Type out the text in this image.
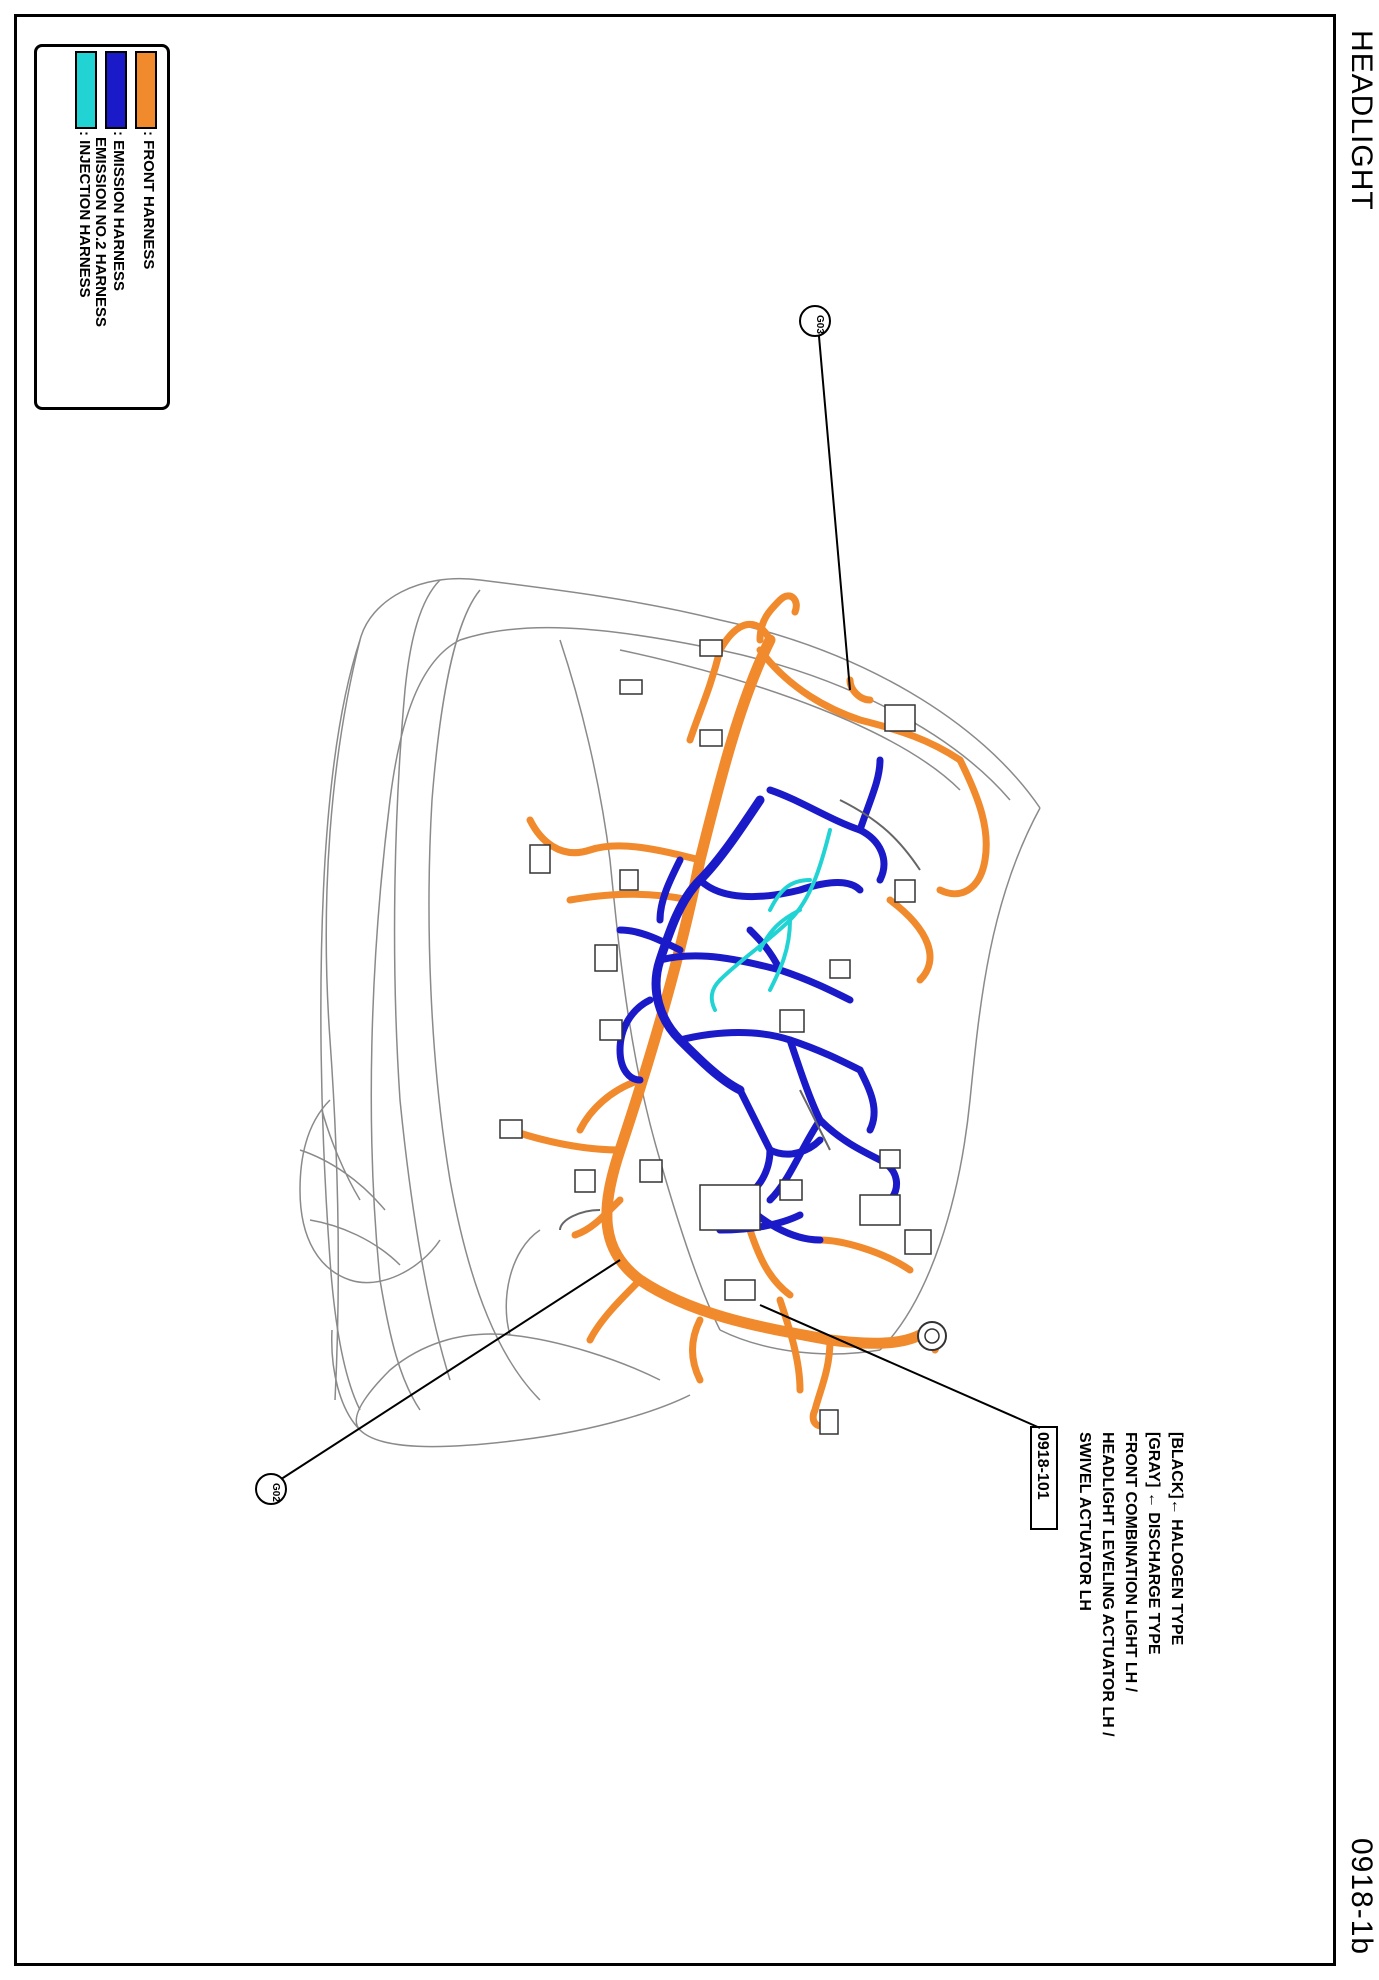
HEADLIGHT
0918-1b
: FRONT HARNESS
: EMISSION HARNESS
EMISSION NO.2 HARNESS
: INJECTION HARNESS
G03
G02	0918-101	[BLACK]← HALOGEN TYPE
[GRAY] ← DISCHARGE TYPE
FRONT COMBINATION LIGHT LH /
HEADLIGHT LEVELING ACTUATOR LH /
SWIVEL ACTUATOR LH
